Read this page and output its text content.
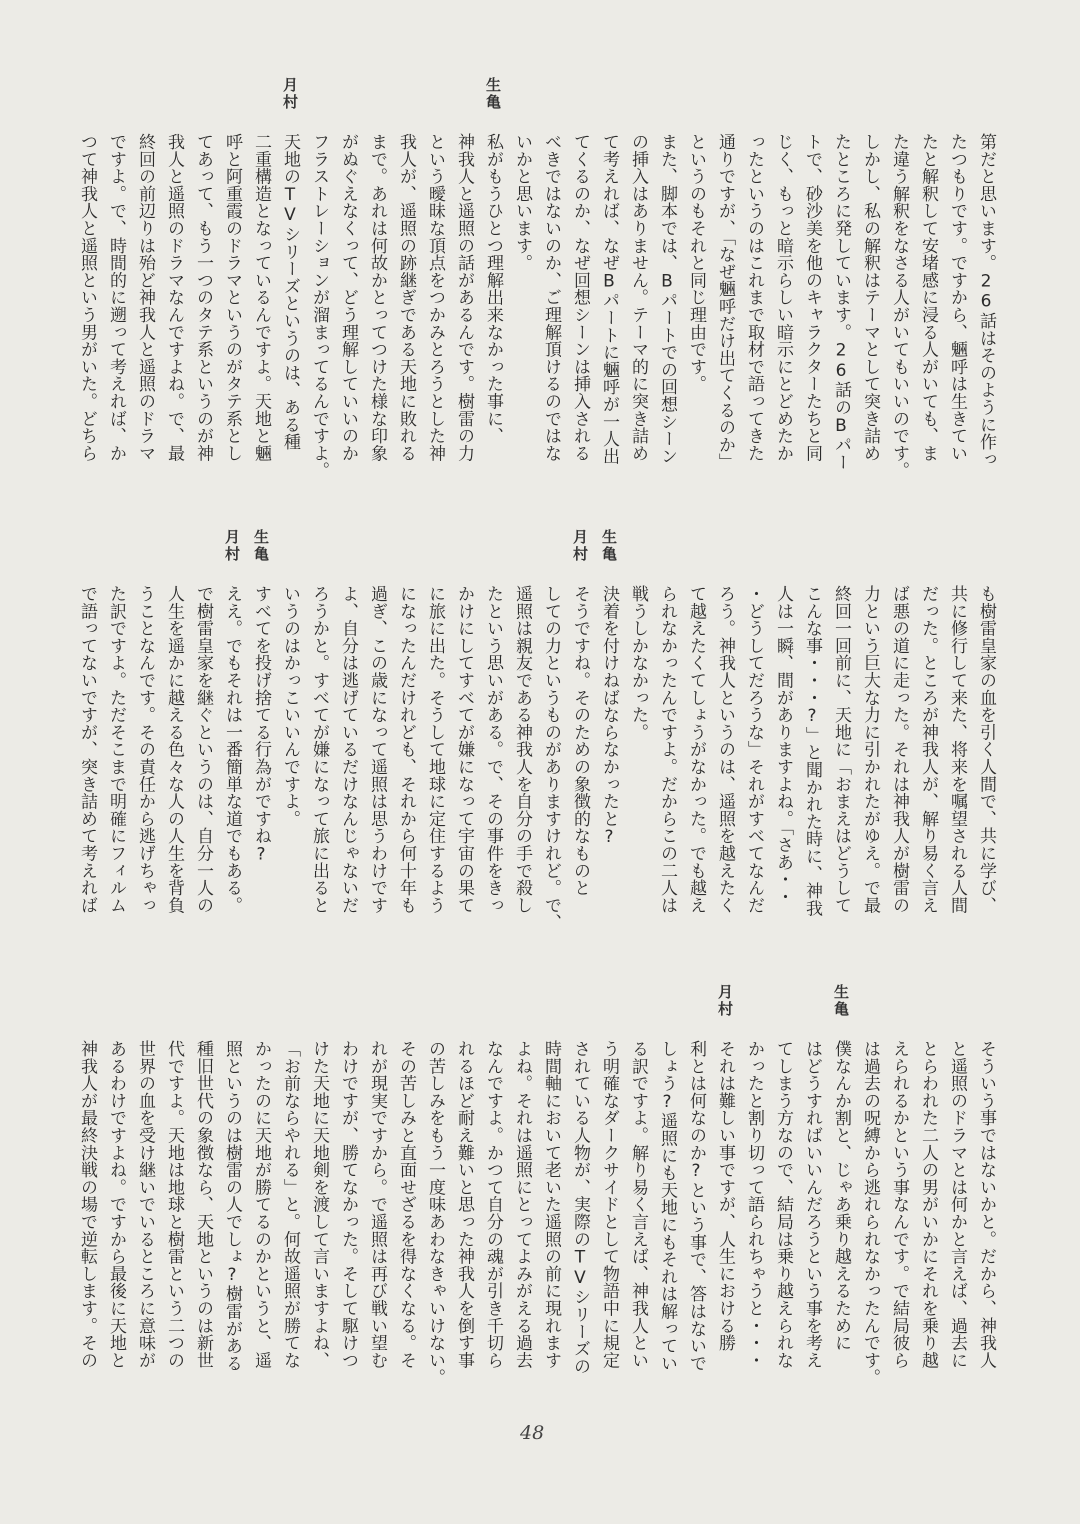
第だと思います。26話はそのように作っ
たつもりです。ですから、魎呼は生きてい
たと解釈して安堵感に浸る人がいても、ま
た違う解釈をなさる人がいてもいいのです。
しかし、私の解釈はテーマとして突き詰め
たところに発しています。26話のBパー
トで、砂沙美を他のキャラクターたちと同
じく、もっと暗示らしい暗示にとどめたか
ったというのはこれまで取材で語ってきた
通りですが、「なぜ魎呼だけ出てくるのか」
というのもそれと同じ理由です。
また、脚本では、Bパートでの回想シーン
の挿入はありません。テーマ的に突き詰め
て考えれば、なぜBパートに魎呼が一人出
てくるのか、なぜ回想シーンは挿入される
べきではないのか、ご理解頂けるのではな
いかと思います。
生亀
私がもうひとつ理解出来なかった事に、
神我人と遥照の話があるんです。樹雷の力
という曖昧な頂点をつかみとろうとした神
我人が、遥照の跡継ぎである天地に敗れる
まで。あれは何故かとってつけた様な印象
がぬぐえなくって、どう理解していいのか
フラストレーションが溜まってるんですよ。
月村
天地のTVシリーズというのは、ある種
二重構造となっているんですよ。天地と魎
呼と阿重霞のドラマというのがタテ系とし
てあって、もう一つのタテ系というのが神
我人と遥照のドラマなんですよね。で、最
終回の前辺りは殆ど神我人と遥照のドラマ
ですよ。で、時間的に遡って考えれば、か
つて神我人と遥照という男がいた。どちら
も樹雷皇家の血を引く人間で、共に学び、
共に修行して来た、将来を嘱望される人間
だった。ところが神我人が、解り易く言え
ば悪の道に走った。それは神我人が樹雷の
力という巨大な力に引かれたがゆえ。で最
終回一回前に、天地に「おまえはどうして
こんな事・・・?」と聞かれた時に、神我
人は一瞬、間がありますよね。「さあ・・
・どうしてだろうな」それがすべてなんだ
ろう。神我人というのは、遥照を越えたく
て越えたくてしょうがなかった。でも越え
られなかったんですよ。だからこの二人は
戦うしかなかった。
生亀
決着を付けねばならなかったと?
月村
そうですね。そのための象徴的なものと
しての力というものがありますけれど。で、
遥照は親友である神我人を自分の手で殺し
たという思いがある。で、その事件をきっ
かけにしてすべてが嫌になって宇宙の果て
に旅に出た。そうして地球に定住するよう
になったんだけれども、それから何十年も
過ぎ、この歳になって遥照は思うわけです
よ、自分は逃げているだけなんじゃないだ
ろうかと。すべてが嫌になって旅に出ると
いうのはかっこいいんですよ。
生亀
すべてを投げ捨てる行為がですね?
月村
ええ。でもそれは一番簡単な道でもある。
で樹雷皇家を継ぐというのは、自分一人の
人生を遥かに越える色々な人の人生を背負
うことなんです。その責任から逃げちゃっ
た訳ですよ。ただそこまで明確にフィルム
で語ってないですが、突き詰めて考えれば
そういう事ではないかと。だから、神我人
と遥照のドラマとは何かと言えば、過去に
とらわれた二人の男がいかにそれを乗り越
えられるかという事なんです。で結局彼ら
は過去の呪縛から逃れられなかったんです。
生亀
僕なんか割と、じゃあ乗り越えるために
はどうすればいいんだろうという事を考え
てしまう方なので、結局は乗り越えられな
かったと割り切って語られちゃうと・・・
月村
それは難しい事ですが、人生における勝
利とは何なのか?という事で、答はないで
しょう?遥照にも天地にもそれは解ってい
る訳ですよ。解り易く言えば、神我人とい
う明確なダークサイドとして物語中に規定
されている人物が、実際のTVシリーズの
時間軸において老いた遥照の前に現れます
よね。それは遥照にとってよみがえる過去
なんですよ。かつて自分の魂が引き千切ら
れるほど耐え難いと思った神我人を倒す事
の苦しみをもう一度味あわなきゃいけない。
その苦しみと直面せざるを得なくなる。そ
れが現実ですから。で遥照は再び戦い望む
わけですが、勝てなかった。そして駆けつ
けた天地に天地剣を渡して言いますよね、
「お前ならやれる」と。何故遥照が勝てな
かったのに天地が勝てるのかというと、遥
照というのは樹雷の人でしょ?樹雷がある
種旧世代の象徴なら、天地というのは新世
代ですよ。天地は地球と樹雷という二つの
世界の血を受け継いでいるところに意味が
あるわけですよね。ですから最後に天地と
神我人が最終決戦の場で逆転します。その
48
